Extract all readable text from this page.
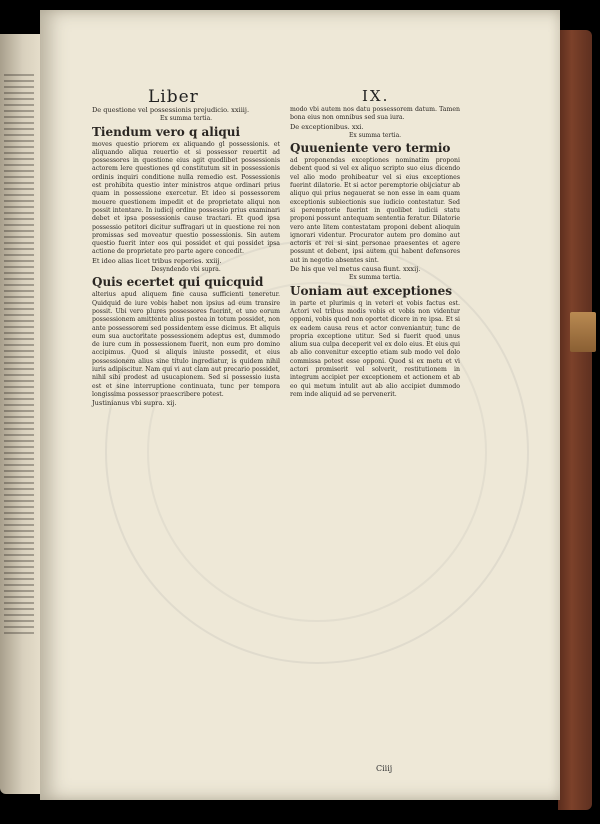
Liber	IX.

De questione vel possessionis prejudicio. xxiiij.

Ex summa tertia.

Tiendum vero q aliqui

moves questio priorem ex aliquando gl possessionis. et aliquando aliqua reuertio et si possessor reuertit ad possessores in questione eius agit quodlibet possessionis actorem lere questiones qd constitutum sit in possessionis ordinis inquiri conditione nulla remedio est. Possessionis est prohibita questio inter ministros atque ordinari prius quam in possessione exercetur. Et ideo si possessorem mouere questionem impedit et de proprietate aliqui non possit intentare. In iudicij ordine possessio prius examinari debet et ipsa possessionis cause tractari. Et quod ipsa possessio petitori dicitur suffragari ut in questione rei non promissas sed moveatur questio possessionis. Sin autem questio fuerit inter eos qui possidet et qui possidet ipsa actione de proprietate pro parte agere concedit.

Et ideo alias licet tribus reperies. xxiij.

Desyndendo vbi supra.

Quis ecertet qui quicquid

alterius apud aliquem fine causa sufficienti teneretur. Quidquid de iure vobis habet non ipsius ad eum transire possit. Ubi vero plures possessores fuerint, et uno eorum possessionem amittente alius postea in totum possidet, non ante possessorem sed possidentem esse dicimus. Et aliquis eum sua auctoritate possessionem adeptus est, dummodo de iure cum in possessionem fuerit, non eum pro domino accipimus. Quod si aliquis iniuste possedit, et eius possessionem alius sine titulo ingrediatur, is quidem nihil iuris adipiscitur. Nam qui vi aut clam aut precario possidet, nihil sibi prodest ad usucapionem. Sed si possessio iusta est et sine interruptione continuata, tunc per tempora longissima possessor praescribere potest.

Justinianus vbi supra. xij.

modo vbi autem nos datu possessorem datum. Tamen bona eius non omnibus sed sua iura.

De exceptionibus. xxi.

Ex summa tertia.

Quueniente vero termio

ad proponendas exceptiones nominatim proponi debent quod si vel ex aliquo scripto suo eius dicendo vel alio modo prohibeatur vel si eius exceptiones fuerint dilatorie. Et si actor peremptorie obijciatur ab aliquo qui prius negauerat se non esse in eam quam exceptionis subiectionis sue iudicio contestatur. Sed si peremptorie fuerint in quolibet iudicii statu proponi possunt antequam sententia feratur. Dilatorie vero ante litem contestatam proponi debent alioquin ignorari videntur. Procurator autem pro domino aut actoris et rei si sint personae praesentes et agere possunt et debent, ipsi autem qui habent defensores aut in negotio absentes sint.

De his que vel metus causa fiunt. xxxij.

Ex summa tertia.

Uoniam aut exceptiones

in parte et plurimis q in veteri et vobis factus est. Actori vel tribus modis vobis et vobis non videntur opponi, vobis quod non oportet dicere in re ipsa. Et si ex eadem causa reus et actor conveniantur, tunc de propria exceptione utitur. Sed si fuerit quod unus alium sua culpa deceperit vel ex dolo eius. Et eius qui ab alio convenitur exceptio etiam sub modo vel dolo commissa potest esse opponi. Quod si ex metu et vi actori promiserit vel solverit, restitutionem in integrum accipiet per exceptionem et actionem et ab eo qui metum intulit aut ab alio accipiet dummodo rem inde aliquid ad se pervenerit.

Ciiij
